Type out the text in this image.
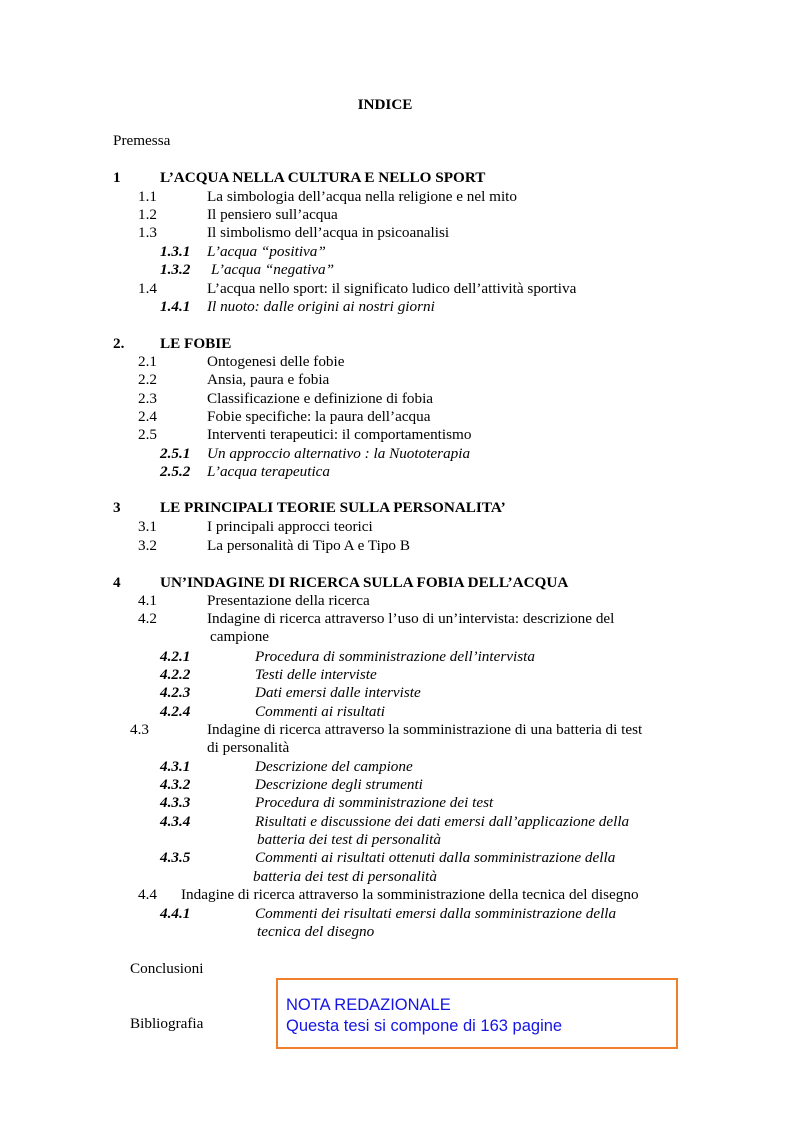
INDICE
Premessa
1	L’ACQUA NELLA CULTURA E NELLO SPORT
1.1	La simbologia dell’acqua nella religione e nel mito
1.2	Il pensiero sull’acqua
1.3	Il simbolismo dell’acqua in psicoanalisi
1.3.1 L’acqua “positiva”
1.3.2 L’acqua “negativa”
1.4	L’acqua nello sport: il significato ludico dell’attività sportiva
1.4.1 Il nuoto: dalle origini ai nostri giorni
2. LE FOBIE
2.1	Ontogenesi delle fobie
2.2	Ansia, paura e fobia
2.3	Classificazione e definizione di fobia
2.4	Fobie specifiche: la paura dell’acqua
2.5	Interventi terapeutici: il comportamentismo
2.5.1 Un approccio alternativo : la Nuototerapia
2.5.2 L’acqua terapeutica
3	LE PRINCIPALI TEORIE SULLA PERSONALITA’
3.1	I principali approcci teorici
3.2	La personalità di Tipo A e Tipo B
4	UN’INDAGINE DI RICERCA SULLA FOBIA DELL’ACQUA
4.1	Presentazione della ricerca
4.2	Indagine di ricerca attraverso l’uso di un’intervista: descrizione del
campione
4.2.1	Procedura di somministrazione dell’intervista
4.2.2	Testi delle interviste
4.2.3	Dati emersi dalle interviste
4.2.4	Commenti ai risultati
4.3	Indagine di ricerca attraverso la somministrazione di una batteria di test
di personalità
4.3.1	Descrizione del campione
4.3.2	Descrizione degli strumenti
4.3.3	Procedura di somministrazione dei test
4.3.4	Risultati e discussione dei dati emersi dall’applicazione della
batteria dei test di personalità
4.3.5	Commenti ai risultati ottenuti dalla somministrazione della
batteria dei test di personalità
4.4 Indagine di ricerca attraverso la somministrazione della tecnica del disegno
4.4.1	Commenti dei risultati emersi dalla somministrazione della
tecnica del disegno
Conclusioni
Bibliografia
NOTA REDAZIONALE
Questa tesi si compone di 163 pagine
